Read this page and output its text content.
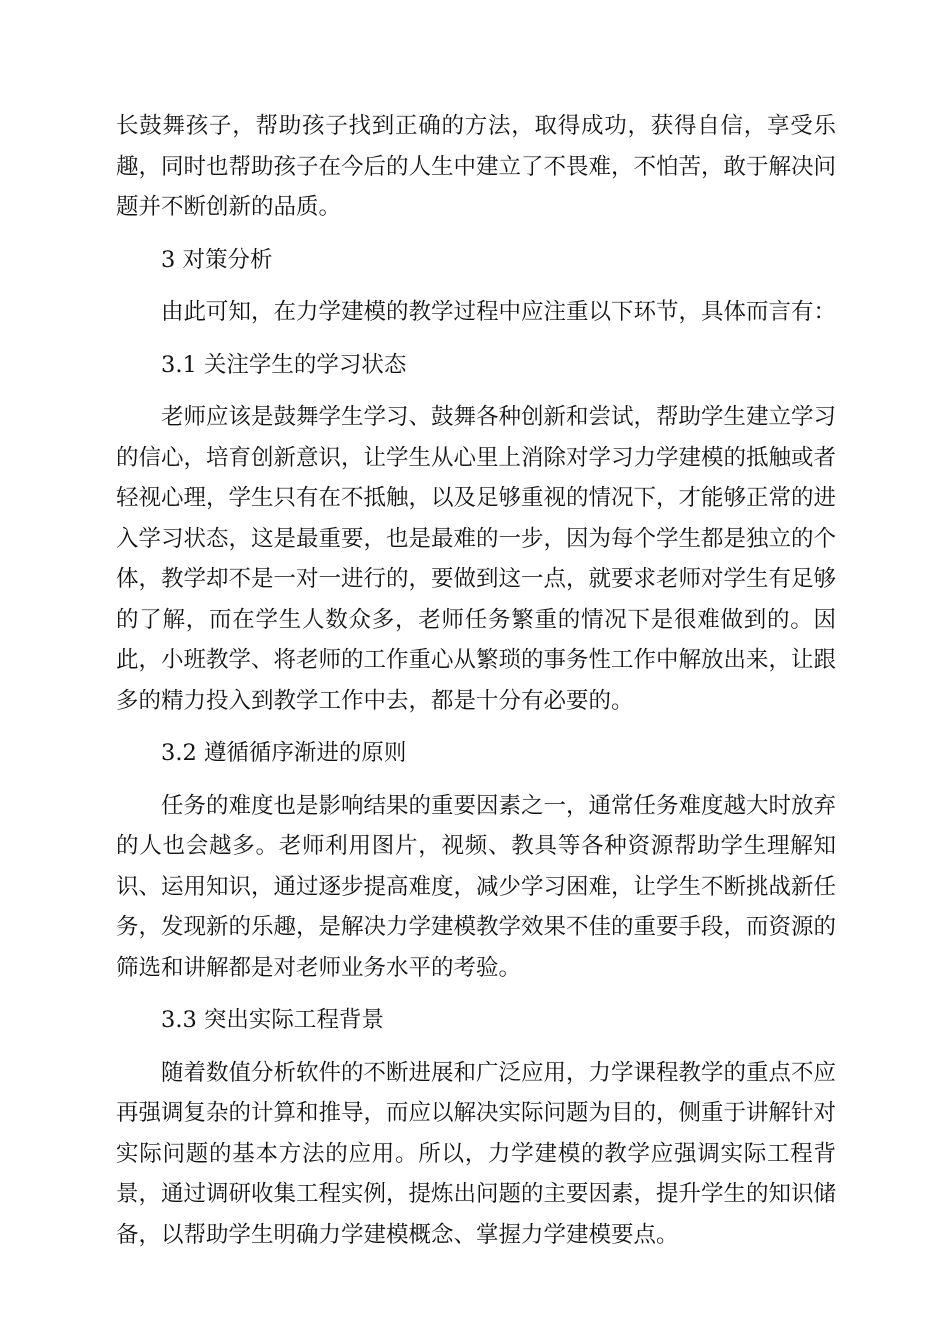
长鼓舞孩子，帮助孩子找到正确的方法，取得成功，获得自信，享受乐趣，同时也帮助孩子在今后的人生中建立了不畏难，不怕苦，敢于解决问题并不断创新的品质。

3 对策分析

由此可知，在力学建模的教学过程中应注重以下环节，具体而言有：

3.1 关注学生的学习状态

老师应该是鼓舞学生学习、鼓舞各种创新和尝试，帮助学生建立学习的信心，培育创新意识，让学生从心里上消除对学习力学建模的抵触或者轻视心理，学生只有在不抵触，以及足够重视的情况下，才能够正常的进入学习状态，这是最重要，也是最难的一步，因为每个学生都是独立的个体，教学却不是一对一进行的，要做到这一点，就要求老师对学生有足够的了解，而在学生人数众多，老师任务繁重的情况下是很难做到的。因此，小班教学、将老师的工作重心从繁琐的事务性工作中解放出来，让跟多的精力投入到教学工作中去，都是十分有必要的。

3.2 遵循循序渐进的原则

任务的难度也是影响结果的重要因素之一，通常任务难度越大时放弃的人也会越多。老师利用图片，视频、教具等各种资源帮助学生理解知识、运用知识，通过逐步提高难度，减少学习困难，让学生不断挑战新任务，发现新的乐趣，是解决力学建模教学效果不佳的重要手段，而资源的筛选和讲解都是对老师业务水平的考验。

3.3 突出实际工程背景

随着数值分析软件的不断进展和广泛应用，力学课程教学的重点不应再强调复杂的计算和推导，而应以解决实际问题为目的，侧重于讲解针对实际问题的基本方法的应用。所以，力学建模的教学应强调实际工程背景，通过调研收集工程实例，提炼出问题的主要因素，提升学生的知识储备，以帮助学生明确力学建模概念、掌握力学建模要点。
